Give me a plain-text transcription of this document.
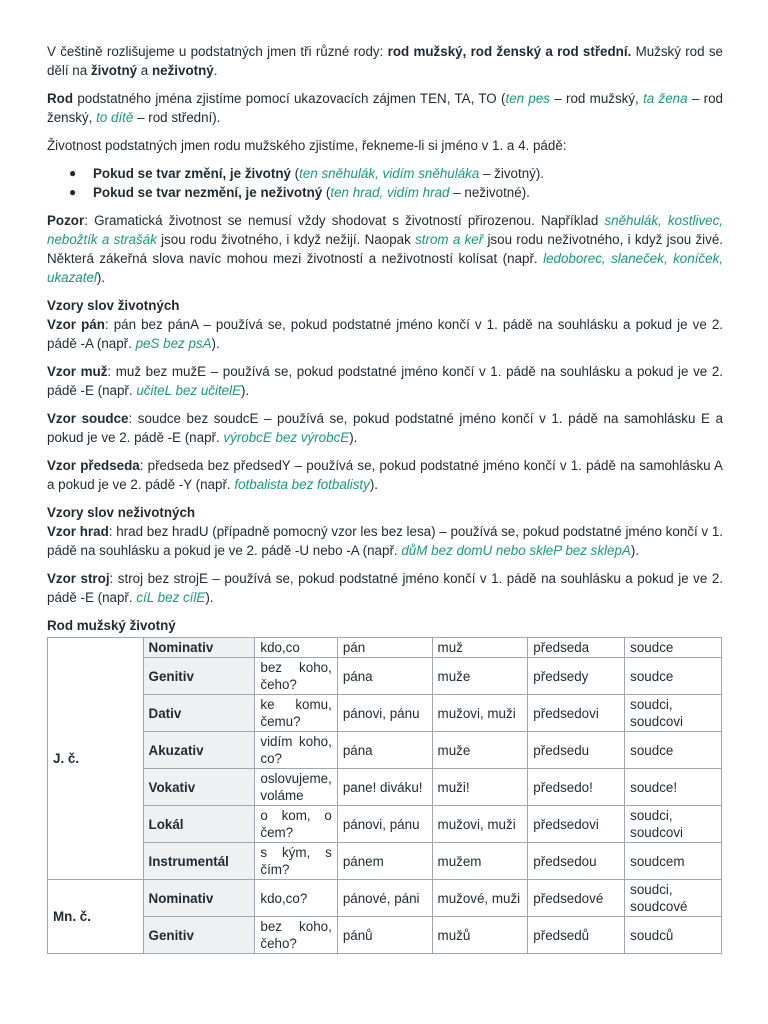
V češtině rozlišujeme u podstatných jmen tři různé rody: rod mužský, rod ženský a rod střední. Mužský rod se dělí na životný a neživotný.

Rod podstatného jména zjistíme pomocí ukazovacích zájmen TEN, TA, TO (ten pes – rod mužský, ta žena – rod ženský, to dítě – rod střední).

Životnost podstatných jmen rodu mužského zjistíme, řekneme-li si jméno v 1. a 4. pádě:

● Pokud se tvar změní, je životný (ten sněhulák, vidím sněhuláka – životný).
● Pokud se tvar nezmění, je neživotný (ten hrad, vidím hrad – neživotné).

Pozor: Gramatická životnost se nemusí vždy shodovat s životností přirozenou. Například sněhulák, kostlivec, nebožtík a strašák jsou rodu životného, i když nežijí. Naopak strom a keř jsou rodu neživotného, i když jsou živé. Některá zákeřná slova navíc mohou mezi životností a neživotností kolísat (např. ledoborec, slaneček, koníček, ukazatel).

Vzory slov životných

Vzor pán: pán bez pánA – používá se, pokud podstatné jméno končí v 1. pádě na souhlásku a pokud je ve 2. pádě -A (např. peS bez psA).

Vzor muž: muž bez mužE – používá se, pokud podstatné jméno končí v 1. pádě na souhlásku a pokud je ve 2. pádě -E (např. učiteL bez učitelE).

Vzor soudce: soudce bez soudcE – používá se, pokud podstatné jméno končí v 1. pádě na samohlásku E a pokud je ve 2. pádě -E (např. výrobcE bez výrobcE).

Vzor předseda: předseda bez předsedY – používá se, pokud podstatné jméno končí v 1. pádě na samohlásku A a pokud je ve 2. pádě -Y (např. fotbalista bez fotbalisty).

Vzory slov neživotných

Vzor hrad: hrad bez hradU (případně pomocný vzor les bez lesa) – používá se, pokud podstatné jméno končí v 1. pádě na souhlásku a pokud je ve 2. pádě -U nebo -A (např. důM bez domU nebo skleP bez sklepA).

Vzor stroj: stroj bez strojE – používá se, pokud podstatné jméno končí v 1. pádě na souhlásku a pokud je ve 2. pádě -E (např. cíL bez cílE).

Rod mužský životný
J. č.	Nominativ	kdo,co	pán	muž	předseda	soudce
	Genitiv	bez koho, čeho?	pána	muže	předsedy	soudce
	Dativ	ke komu, čemu?	pánovi, pánu	mužovi, muži	předsedovi	soudci, soudcovi
	Akuzativ	vidím koho, co?	pána	muže	předsedu	soudce
	Vokativ	oslovujeme, voláme	pane! diváku!	muži!	předsedo!	soudce!
	Lokál	o kom, o čem?	pánovi, pánu	mužovi, muži	předsedovi	soudci, soudcovi
	Instrumentál	s kým, s čím?	pánem	mužem	předsedou	soudcem
Mn. č.	Nominativ	kdo,co?	pánové, páni	mužové, muži	předsedové	soudci, soudcové
	Genitiv	bez koho, čeho?	pánů	mužů	předsedů	soudců
